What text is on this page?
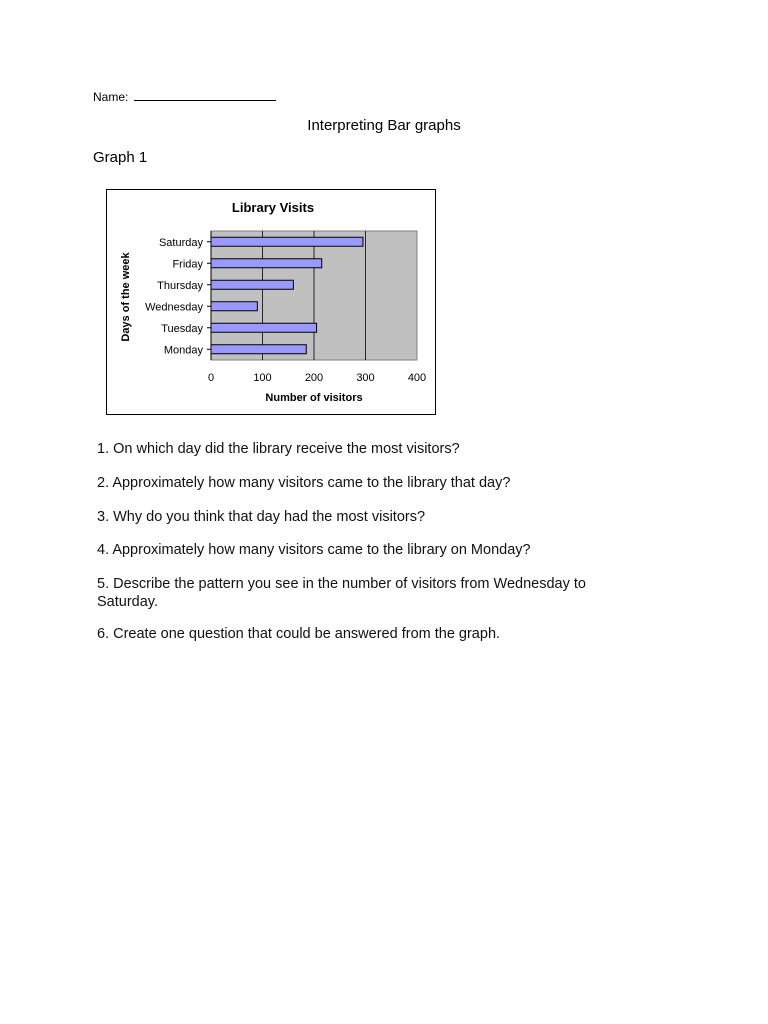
Name:
Interpreting Bar graphs
Graph 1
Library Visits
Days of the week
Number of visitors
0	100	200	300	400
Saturday
Friday
Thursday
Wednesday
Tuesday
Monday
1. On which day did the library receive the most visitors?
2. Approximately how many visitors came to the library that day?
3. Why do you think that day had the most visitors?
4. Approximately how many visitors came to the library on Monday?
5. Describe the pattern you see in the number of visitors from Wednesday to Saturday.
6. Create one question that could be answered from the graph.
